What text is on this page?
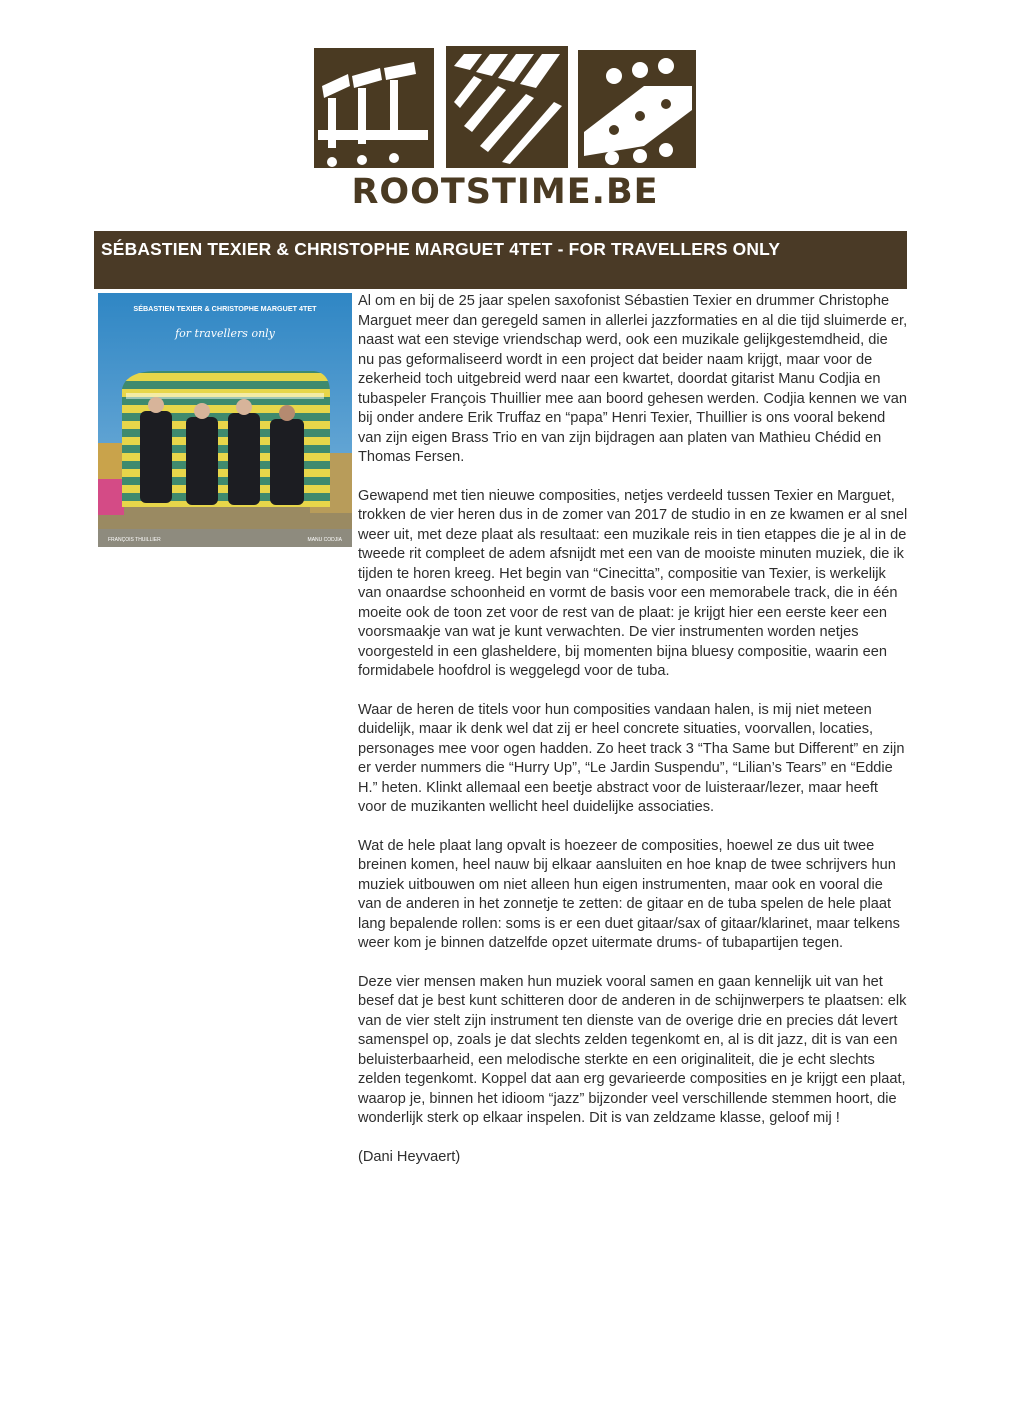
ROOTSTIME.BE
SÉBASTIEN TEXIER & CHRISTOPHE MARGUET 4TET - FOR TRAVELLERS ONLY
SÉBASTIEN TEXIER & CHRISTOPHE MARGUET 4TET
for travellers only
FRANÇOIS THUILLIER	MANU CODJIA

Al om en bij de 25 jaar spelen saxofonist Sébastien Texier en drummer Christophe Marguet meer dan geregeld samen in allerlei jazzformaties en al die tijd sluimerde er, naast wat een stevige vriendschap werd, ook een muzikale gelijkgestemdheid, die nu pas geformaliseerd wordt in een project dat beider naam krijgt, maar voor de zekerheid toch uitgebreid werd naar een kwartet, doordat gitarist Manu Codjia en tubaspeler François Thuillier mee aan boord gehesen werden. Codjia kennen we van bij onder andere Erik Truffaz en “papa” Henri Texier, Thuillier is ons vooral bekend van zijn eigen Brass Trio en van zijn bijdragen aan platen van Mathieu Chédid en Thomas Fersen.

Gewapend met tien nieuwe composities, netjes verdeeld tussen Texier en Marguet, trokken de vier heren dus in de zomer van 2017 de studio in en ze kwamen er al snel weer uit, met deze plaat als resultaat: een muzikale reis in tien etappes die je al in de tweede rit compleet de adem afsnijdt met een van de mooiste minuten muziek, die ik tijden te horen kreeg. Het begin van “Cinecitta”, compositie van Texier, is werkelijk van onaardse schoonheid en vormt de basis voor een memorabele track, die in één moeite ook de toon zet voor de rest van de plaat: je krijgt hier een eerste keer een voorsmaakje van wat je kunt verwachten. De vier instrumenten worden netjes voorgesteld in een glasheldere, bij momenten bijna bluesy compositie, waarin een formidabele hoofdrol is weggelegd voor de tuba.

Waar de heren de titels voor hun composities vandaan halen, is mij niet meteen duidelijk, maar ik denk wel dat zij er heel concrete situaties, voorvallen, locaties, personages mee voor ogen hadden. Zo heet track 3 “Tha Same but Different” en zijn er verder nummers die “Hurry Up”, “Le Jardin Suspendu”, “Lilian’s Tears” en “Eddie H.” heten. Klinkt allemaal een beetje abstract voor de luisteraar/lezer, maar heeft voor de muzikanten wellicht heel duidelijke associaties.

Wat de hele plaat lang opvalt is hoezeer de composities, hoewel ze dus uit twee breinen komen, heel nauw bij elkaar aansluiten en hoe knap de twee schrijvers hun muziek uitbouwen om niet alleen hun eigen instrumenten, maar ook en vooral die van de anderen in het zonnetje te zetten: de gitaar en de tuba spelen de hele plaat lang bepalende rollen: soms is er een duet gitaar/sax of gitaar/klarinet, maar telkens weer kom je binnen datzelfde opzet uitermate drums- of tubapartijen tegen.

Deze vier mensen maken hun muziek vooral samen en gaan kennelijk uit van het besef dat je best kunt schitteren door de anderen in de schijnwerpers te plaatsen: elk van de vier stelt zijn instrument ten dienste van de overige drie en precies dát levert samenspel op, zoals je dat slechts zelden tegenkomt en, al is dit jazz, dit is van een beluisterbaarheid, een melodische sterkte en een originaliteit, die je echt slechts zelden tegenkomt. Koppel dat aan erg gevarieerde composities en je krijgt een plaat, waarop je, binnen het idioom “jazz” bijzonder veel verschillende stemmen hoort, die wonderlijk sterk op elkaar inspelen. Dit is van zeldzame klasse, geloof mij !

(Dani Heyvaert)
